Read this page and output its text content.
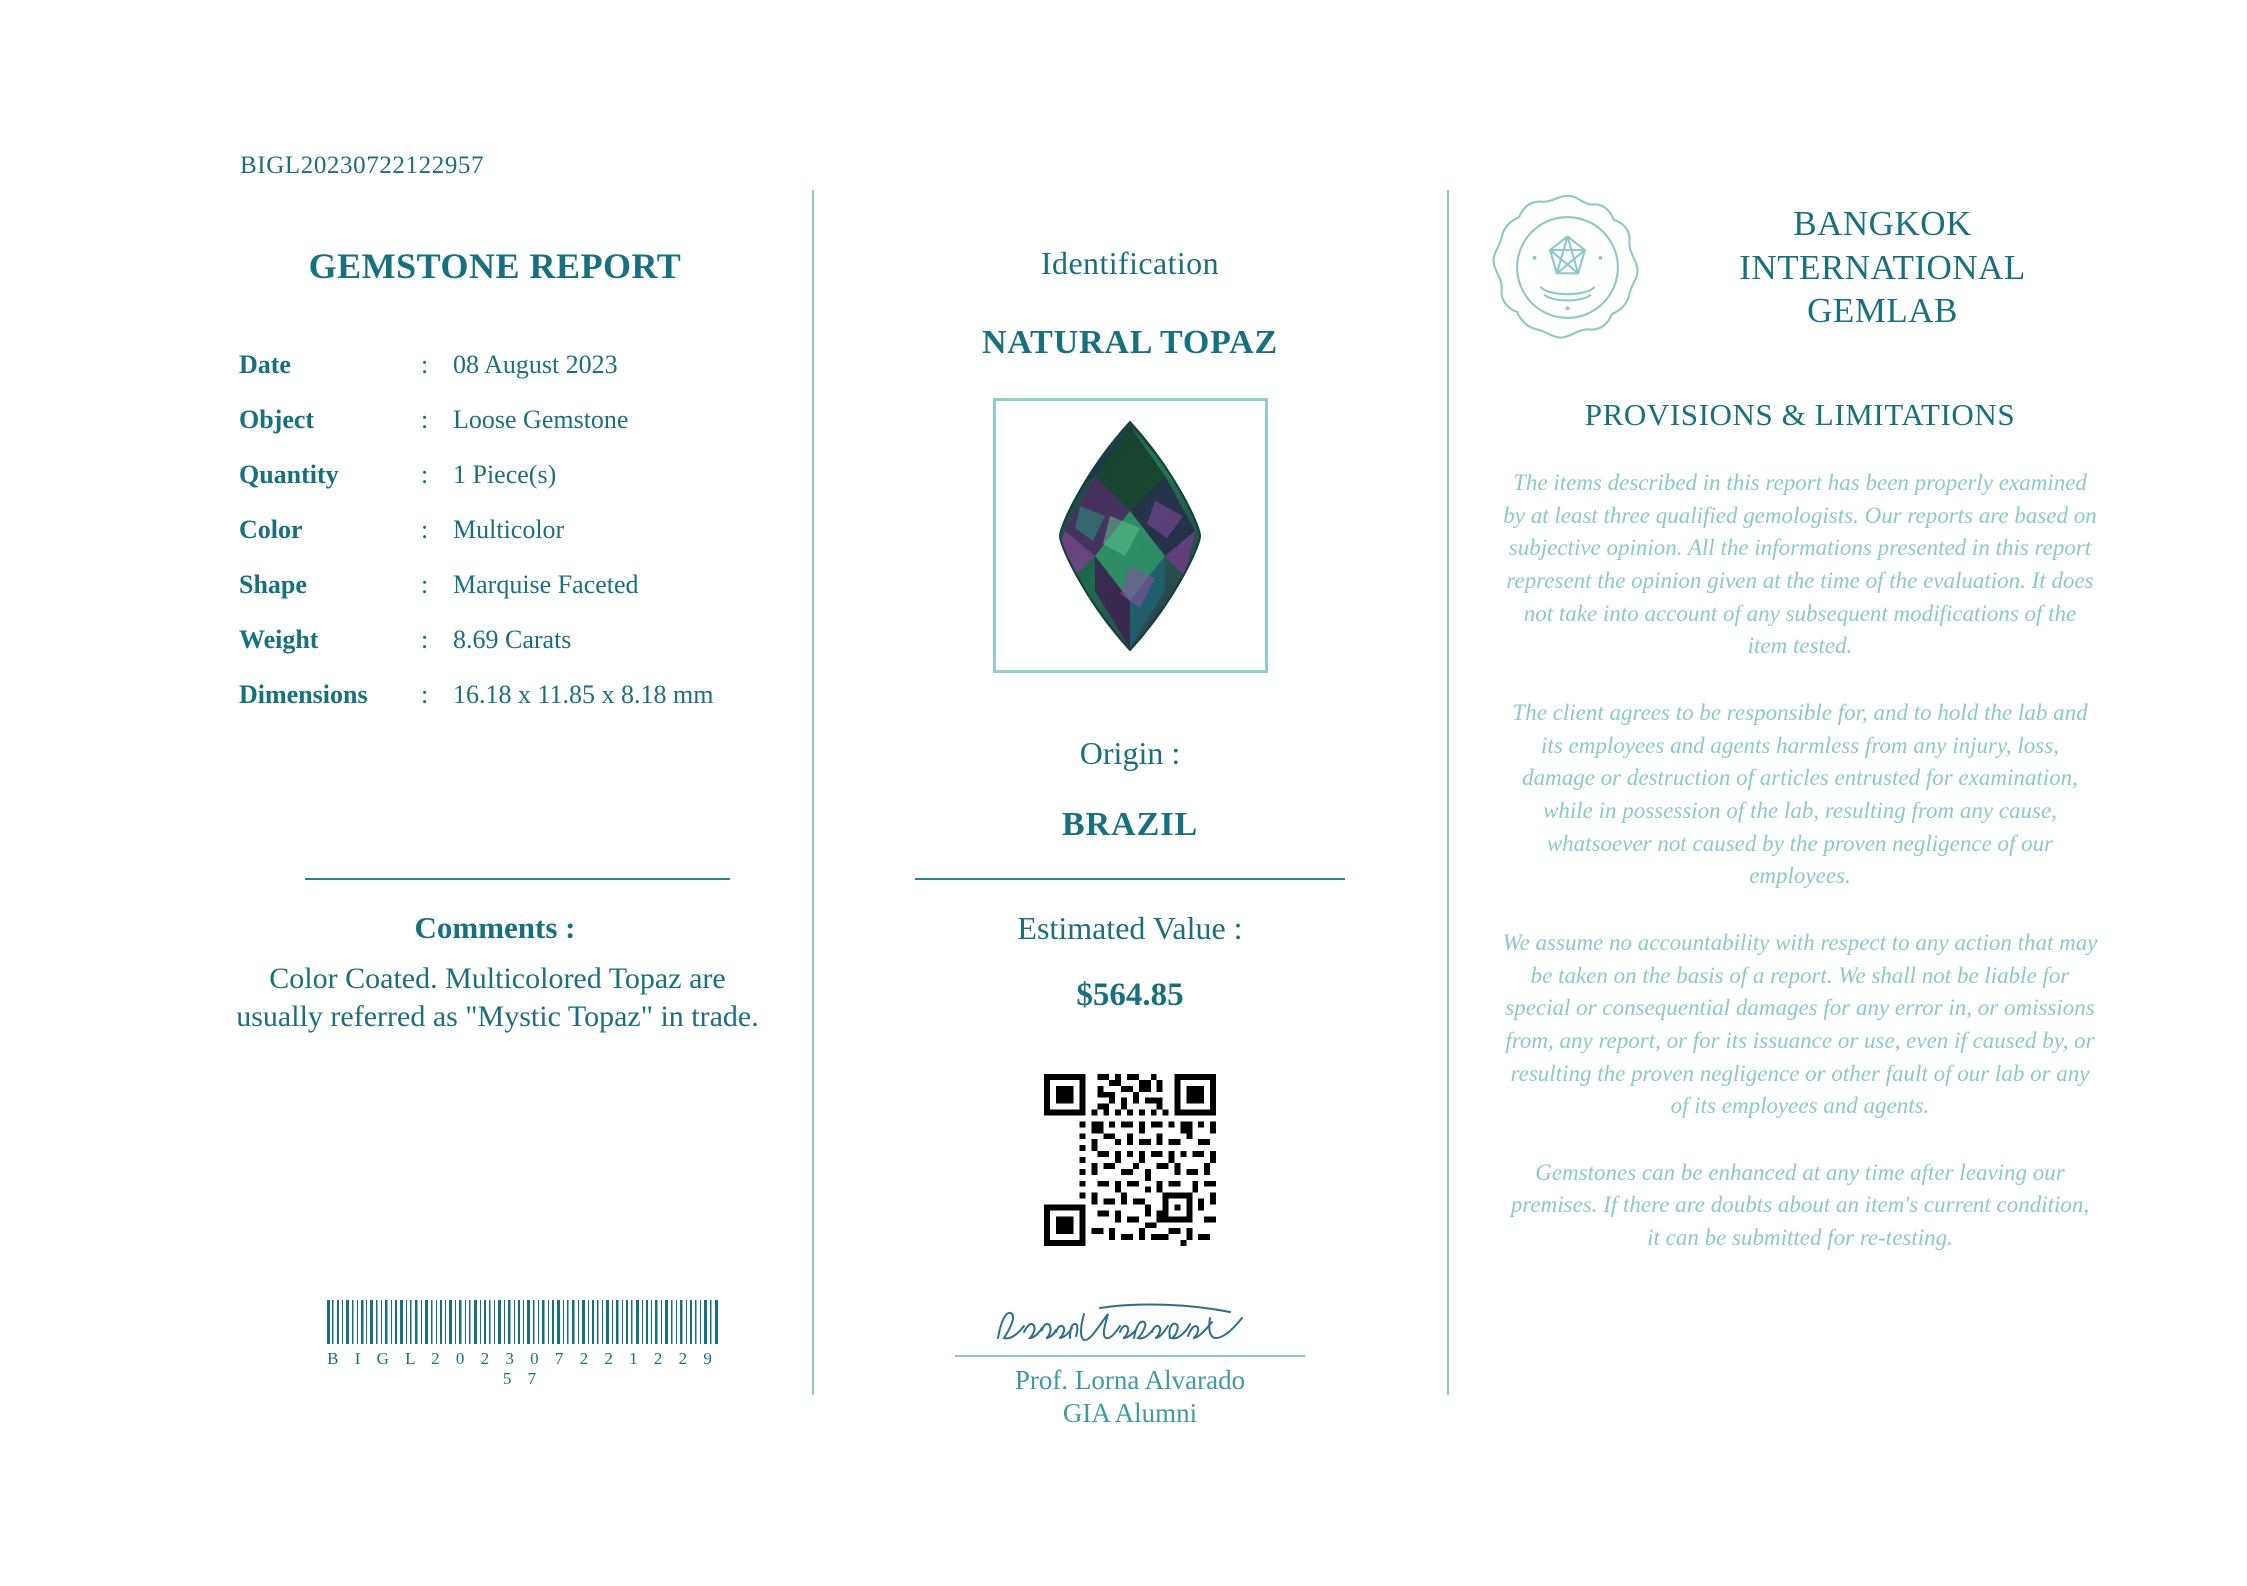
BIGL20230722122957
GEMSTONE REPORT
Date	:	08 August 2023
Object	:	Loose Gemstone
Quantity	:	1 Piece(s)
Color	:	Multicolor
Shape	:	Marquise Faceted
Weight	:	8.69 Carats
Dimensions	:	16.18 x 11.85 x 8.18 mm
Comments :
Color Coated. Multicolored Topaz are usually referred as "Mystic Topaz" in trade.
B I G L 2 0 2 3 0 7 2 2 1 2 2 9 5 7
Identification
NATURAL TOPAZ
Origin :
BRAZIL
Estimated Value :
$564.85
Prof. Lorna Alvarado
GIA Alumni
BANGKOK INTERNATIONAL GEMLAB
PROVISIONS & LIMITATIONS
The items described in this report has been properly examined by at least three qualified gemologists. Our reports are based on subjective opinion. All the informations presented in this report represent the opinion given at the time of the evaluation. It does not take into account of any subsequent modifications of the item tested.
The client agrees to be responsible for, and to hold the lab and its employees and agents harmless from any injury, loss, damage or destruction of articles entrusted for examination, while in possession of the lab, resulting from any cause, whatsoever not caused by the proven negligence of our employees.
We assume no accountability with respect to any action that may be taken on the basis of a report. We shall not be liable for special or consequential damages for any error in, or omissions from, any report, or for its issuance or use, even if caused by, or resulting the proven negligence or other fault of our lab or any of its employees and agents.
Gemstones can be enhanced at any time after leaving our premises. If there are doubts about an item's current condition, it can be submitted for re-testing.
